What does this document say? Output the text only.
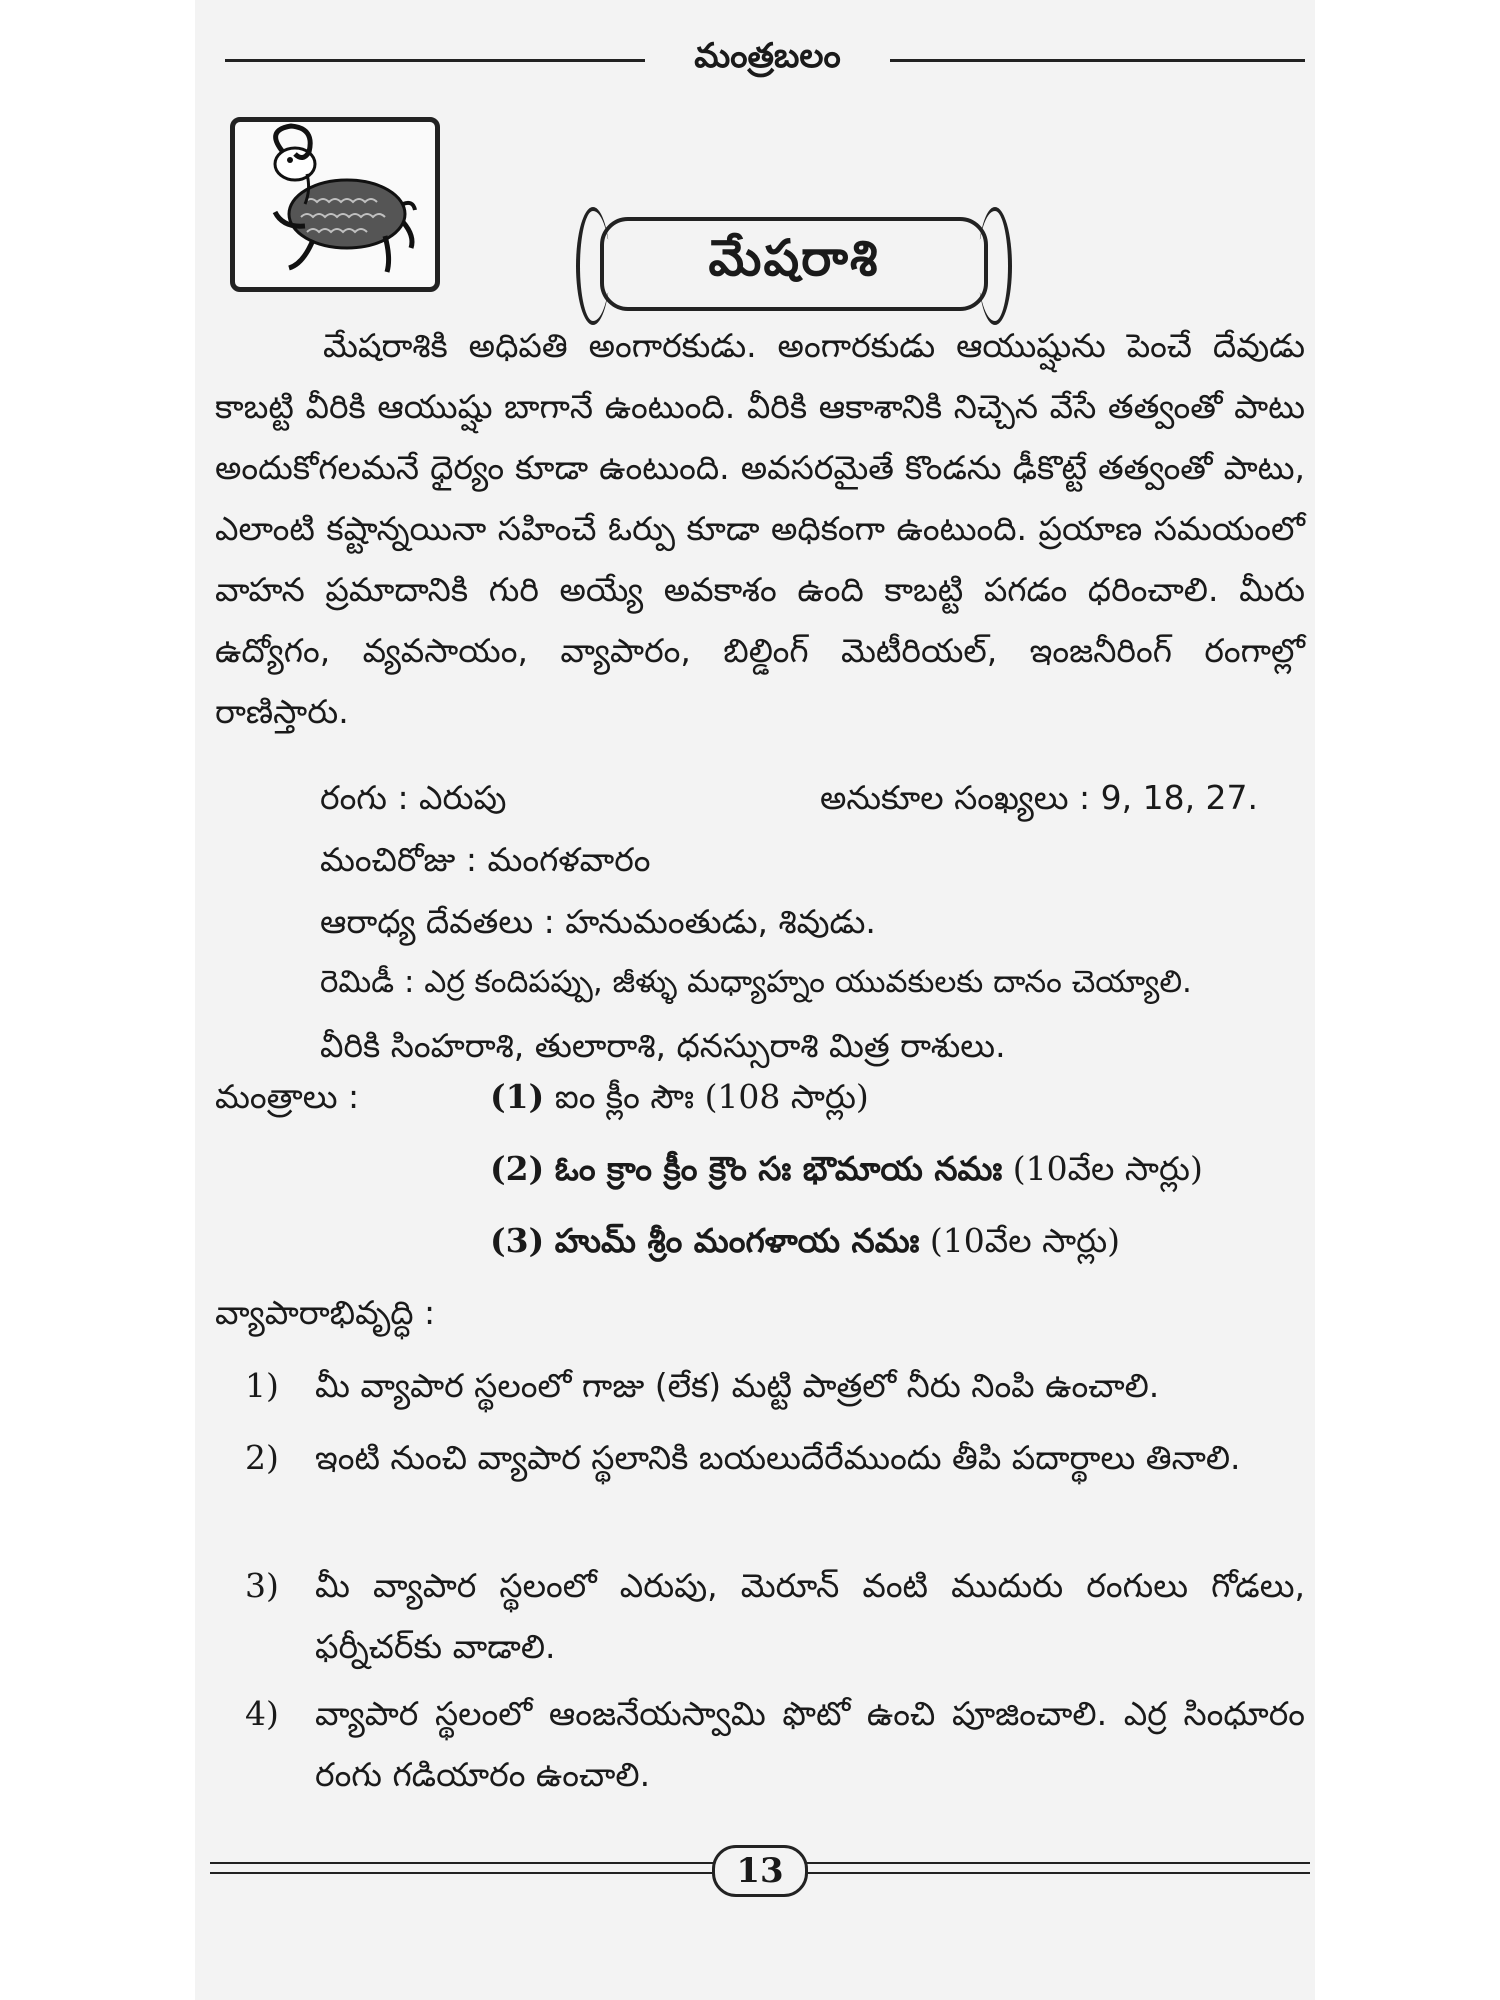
మంత్రబలం
మేషరాశి
మేషరాశికి అధిపతి అంగారకుడు. అంగారకుడు ఆయుష్షును పెంచే దేవుడు కాబట్టి వీరికి ఆయుష్షు బాగానే ఉంటుంది. వీరికి ఆకాశానికి నిచ్చెన వేసే తత్వంతో పాటు అందుకోగలమనే ధైర్యం కూడా ఉంటుంది. అవసరమైతే కొండను ఢీకొట్టే తత్వంతో పాటు, ఎలాంటి కష్టాన్నయినా సహించే ఓర్పు కూడా అధికంగా ఉంటుంది. ప్రయాణ సమయంలో వాహన ప్రమాదానికి గురి అయ్యే అవకాశం ఉంది కాబట్టి పగడం ధరించాలి. మీరు ఉద్యోగం, వ్యవసాయం, వ్యాపారం, బిల్డింగ్ మెటీరియల్, ఇంజనీరింగ్ రంగాల్లో రాణిస్తారు.
రంగు : ఎరుపు	అనుకూల సంఖ్యలు : 9, 18, 27.
మంచిరోజు : మంగళవారం
ఆరాధ్య దేవతలు : హనుమంతుడు, శివుడు.
రెమిడీ : ఎర్ర కందిపప్పు, జీళ్ళు మధ్యాహ్నం యువకులకు దానం చెయ్యాలి.
వీరికి సింహరాశి, తులారాశి, ధనస్సురాశి మిత్ర రాశులు.
మంత్రాలు :	(1) ఐం క్లీం సౌః (108 సార్లు)
(2) ఓం క్రాం క్రీం క్రౌం సః భౌమాయ నమః (10వేల సార్లు)
(3) హుమ్ శ్రీం మంగళాయ నమః (10వేల సార్లు)
వ్యాపారాభివృద్ధి :
1)	మీ వ్యాపార స్థలంలో గాజు (లేక) మట్టి పాత్రలో నీరు నింపి ఉంచాలి.
2)	ఇంటి నుంచి వ్యాపార స్థలానికి బయలుదేరేముందు తీపి పదార్థాలు తినాలి.
3)	మీ వ్యాపార స్థలంలో ఎరుపు, మెరూన్ వంటి ముదురు రంగులు గోడలు, ఫర్నీచర్‌కు వాడాలి.
4)	వ్యాపార స్థలంలో ఆంజనేయస్వామి ఫొటో ఉంచి పూజించాలి. ఎర్ర సింధూరం రంగు గడియారం ఉంచాలి.
13
